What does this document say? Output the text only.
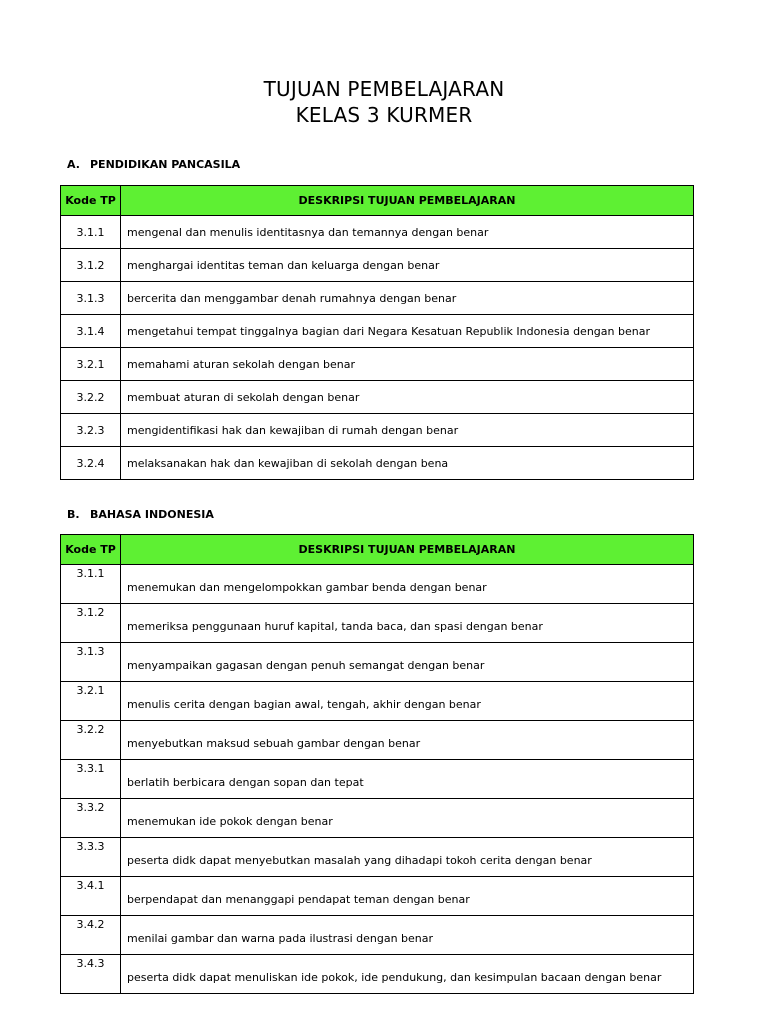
TUJUAN PEMBELAJARAN
KELAS 3 KURMER
A. PENDIDIKAN PANCASILA
Kode TP	DESKRIPSI TUJUAN PEMBELAJARAN
3.1.1	mengenal dan menulis identitasnya dan temannya dengan benar
3.1.2	menghargai identitas teman dan keluarga dengan benar
3.1.3	bercerita dan menggambar denah rumahnya dengan benar
3.1.4	mengetahui tempat tinggalnya bagian dari Negara Kesatuan Republik Indonesia dengan benar
3.2.1	memahami aturan sekolah dengan benar
3.2.2	membuat aturan di sekolah dengan benar
3.2.3	mengidentifikasi hak dan kewajiban di rumah dengan benar
3.2.4	melaksanakan hak dan kewajiban di sekolah dengan bena
B. BAHASA INDONESIA
Kode TP	DESKRIPSI TUJUAN PEMBELAJARAN
3.1.1	menemukan dan mengelompokkan gambar benda dengan benar
3.1.2	memeriksa penggunaan huruf kapital, tanda baca, dan spasi dengan benar
3.1.3	menyampaikan gagasan dengan penuh semangat dengan benar
3.2.1	menulis cerita dengan bagian awal, tengah, akhir dengan benar
3.2.2	menyebutkan maksud sebuah gambar dengan benar
3.3.1	berlatih berbicara dengan sopan dan tepat
3.3.2	menemukan ide pokok dengan benar
3.3.3	peserta didk dapat menyebutkan masalah yang dihadapi tokoh cerita dengan benar
3.4.1	berpendapat dan menanggapi pendapat teman dengan benar
3.4.2	menilai gambar dan warna pada ilustrasi dengan benar
3.4.3	peserta didk dapat menuliskan ide pokok, ide pendukung, dan kesimpulan bacaan dengan benar
